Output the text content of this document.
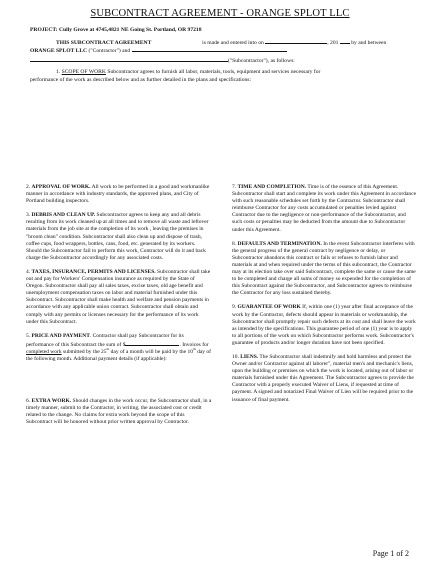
SUBCONTRACT AGREEMENT - ORANGE SPLOT LLC
PROJECT: Cully Grove at 4745,4821 NE Going St. Portland, OR 97218
THIS SUBCONTRACT AGREEMENT	is made and entered into on	, 201 by and between
ORANGE SPLOT LLC ("Contractor") and
("Subcontractor"), as follows:
1. SCOPE OF WORK Subcontractor agrees to furnish all labor, materials, tools, equipment and services necessary for
performance of the work as described below and as further detailed in the plans and specifications:

2. APPROVAL OF WORK. All work to be performed in a good and workmanlike manner in accordance with industry standards, the approved plans, and City of Portland building inspectors.

3. DEBRIS AND CLEAN UP. Subcontractor agrees to keep any and all debris resulting from its work cleaned up at all times and to remove all waste and leftover materials from the job site at the completion of its work , leaving the premises in "broom clean" condition. Subcontractor shall also clean up and dispose of trash, coffee cups, food wrappers, bottles, cans, food, etc. generated by its workers. Should the Subcontractor fail to perform this work, Contractor will do it and back charge the Subcontractor accordingly for any associated costs.

4. TAXES, INSURANCE, PERMITS AND LICENSES. Subcontractor shall take out and pay for Workers' Compensation insurance as required by the State of Oregon. Subcontractor shall pay all sales taxes, excise taxes, old age benefit and unemployment compensation taxes on labor and material furnished under this Subcontract. Subcontractor shall make health and welfare and pension payments in accordance with any applicable union contract. Subcontractor shall obtain and comply with any permits or licenses necessary for the performance of its work under this Subcontract.

5. PRICE AND PAYMENT. Contractor shall pay Subcontractor for its performance of this Subcontract the sum of $	. Invoices for completed work submitted by the 25th day of a month will be paid by the 10th day of the following month. Additional payment details (if applicable):

6. EXTRA WORK. Should changes in the work occur, the Subcontractor shall, in a timely manner, submit to the Contractor, in writing, the associated cost or credit related to the change. No claims for extra work beyond the scope of this Subcontract will be honored without prior written approval by Contractor.

7. TIME AND COMPLETION. Time is of the essence of this Agreement. Subcontractor shall start and complete its work under this Agreement in accordance with such reasonable schedules set forth by the Contractor. Subcontractor shall reimburse Contractor for any costs accumulated or penalties levied against Contractor due to the negligence or non-performance of the Subcontractor, and such costs or penalties may be deducted from the amount due to Subcontractor under this Agreement.

8. DEFAULTS AND TERMINATION. In the event Subcontractor interferes with the general progress of the general contract by negligence or delay, or Subcontractor abandons this contract or fails or refuses to furnish labor and materials at and when required under the terms of this subcontract, the Contractor may at its election take over said Subcontract, complete the same or cause the same to be completed and charge all sums of money so expended for the completion of this Subcontract against the Subcontractor, and Subcontractor agrees to reimburse the Contractor for any loss sustained thereby.

9. GUARANTEE OF WORK If, within one (1) year after final acceptance of the work by the Contractor, defects should appear in materials or workmanship, the Subcontractor shall promptly repair such defects at its cost and shall leave the work as intended by the specifications. This guarantee period of one (1) year is to apply to all portions of the work on which Subcontractor performs work. Subcontractor's guarantee of products and/or longer duration have not been specified.

10. LIENS. The Subcontractor shall indemnify and hold harmless and protect the Owner and/or Contractor against all laborer", material men's and mechanic's liens, upon the building or premises on which the work is located, arising out of labor or materials furnished under this Agreement. The Subcontractor agrees to provide the Contractor with a properly executed Waiver of Liens, if requested at time of payment. A signed and notarized Final Waiver of Lien will be required prior to the issuance of final payment.

Page 1 of 2
